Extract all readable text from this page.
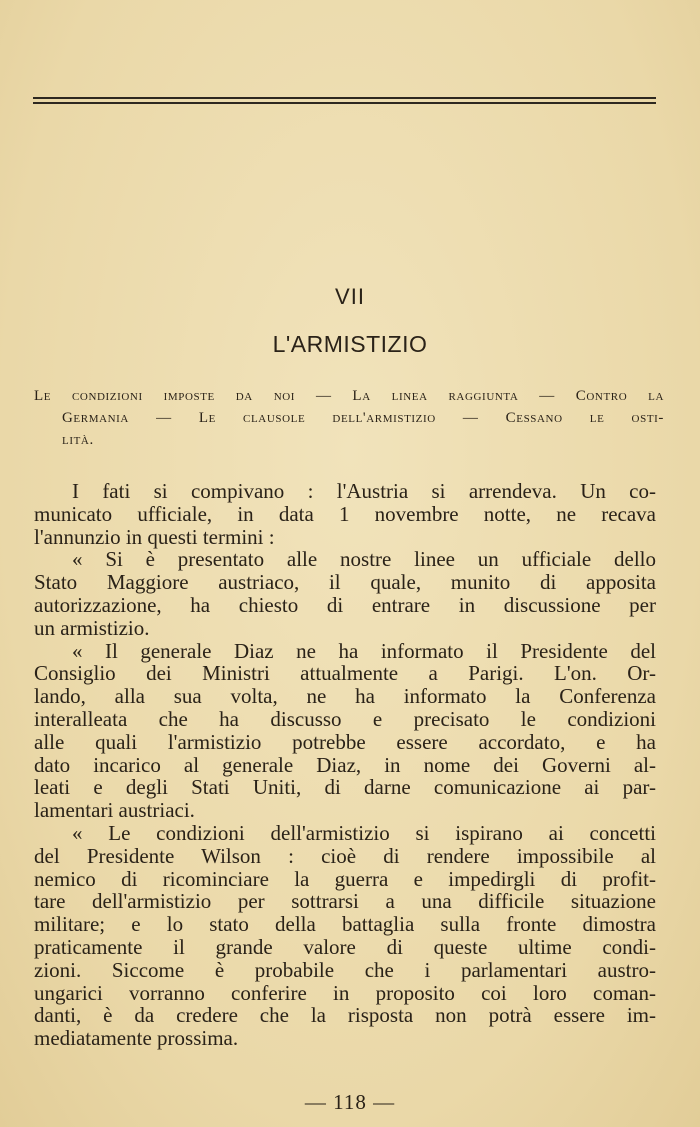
VII
L'ARMISTIZIO
Le condizioni imposte da noi — La linea raggiunta — Contro la
Germania — Le clausole dell'armistizio — Cessano le osti-
lità.
I fati si compivano : l'Austria si arrendeva. Un co-
municato ufficiale, in data 1 novembre notte, ne recava
l'annunzio in questi termini :
« Si è presentato alle nostre linee un ufficiale dello
Stato Maggiore austriaco, il quale, munito di apposita
autorizzazione, ha chiesto di entrare in discussione per
un armistizio.
« Il generale Diaz ne ha informato il Presidente del
Consiglio dei Ministri attualmente a Parigi. L'on. Or-
lando, alla sua volta, ne ha informato la Conferenza
interalleata che ha discusso e precisato le condizioni
alle quali l'armistizio potrebbe essere accordato, e ha
dato incarico al generale Diaz, in nome dei Governi al-
leati e degli Stati Uniti, di darne comunicazione ai par-
lamentari austriaci.
« Le condizioni dell'armistizio si ispirano ai concetti
del Presidente Wilson : cioè di rendere impossibile al
nemico di ricominciare la guerra e impedirgli di profit-
tare dell'armistizio per sottrarsi a una difficile situazione
militare; e lo stato della battaglia sulla fronte dimostra
praticamente il grande valore di queste ultime condi-
zioni. Siccome è probabile che i parlamentari austro-
ungarici vorranno conferire in proposito coi loro coman-
danti, è da credere che la risposta non potrà essere im-
mediatamente prossima.
— 118 —
